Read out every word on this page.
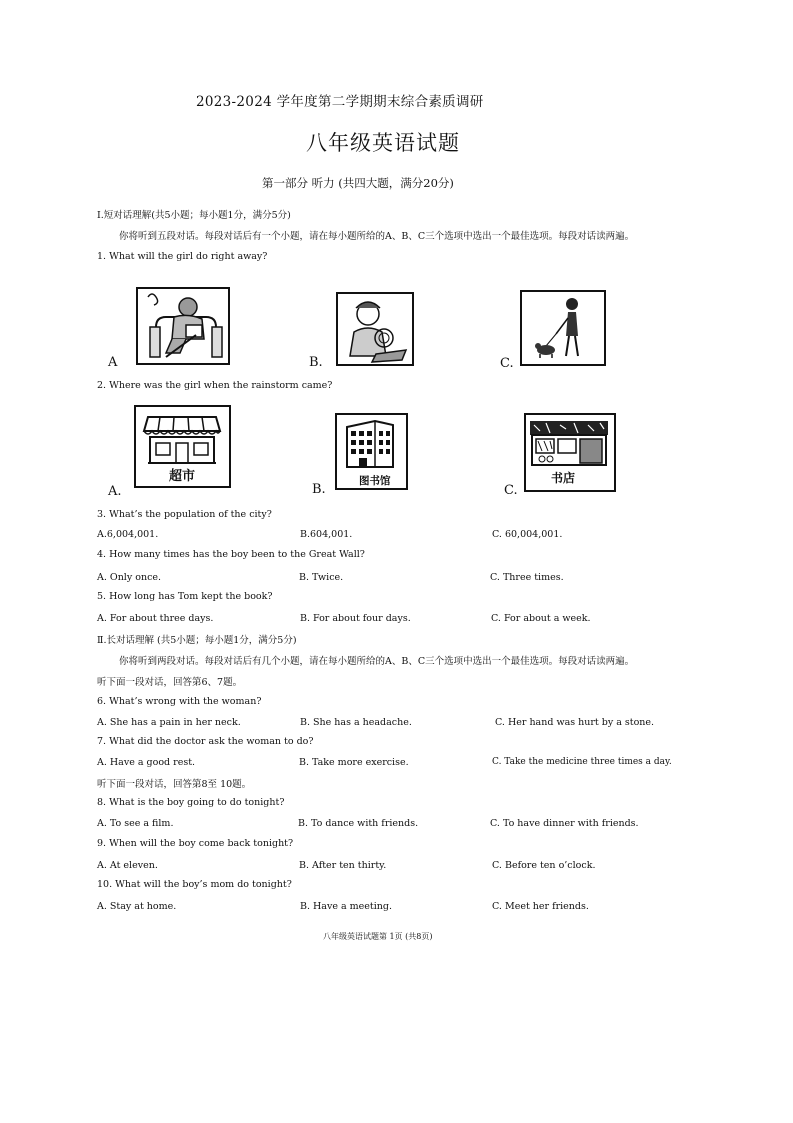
2023-2024 学年度第二学期期末综合素质调研
八年级英语试题
第一部分 听力 (共四大题，满分20分)
Ⅰ.短对话理解(共5小题；每小题1分，满分5分)
你将听到五段对话。每段对话后有一个小题，请在每小题所给的A、B、C三个选项中选出一个最佳选项。每段对话读两遍。
1. What will the girl do right away?
A	B.	C.
2. Where was the girl when the rainstorm came?
超市
A.
图书馆
B.
书店
C.
3. What’s the population of the city?
A.6,004,001.	B.604,001.	C. 60,004,001.
4. How many times has the boy been to the Great Wall?
A. Only once.	B. Twice.	C. Three times.
5. How long has Tom kept the book?
A. For about three days.	B. For about four days.	C. For about a week.
Ⅱ.长对话理解 (共5小题；每小题1分，满分5分)
你将听到两段对话。每段对话后有几个小题，请在每小题所给的A、B、C三个选项中选出一个最佳选项。每段对话读两遍。
听下面一段对话，回答第6、7题。
6. What’s wrong with the woman?
A. She has a pain in her neck.	B. She has a headache.	C. Her hand was hurt by a stone.
7. What did the doctor ask the woman to do?
A. Have a good rest.	B. Take more exercise.	C. Take the medicine three times a day.
听下面一段对话，回答第8至 10题。
8. What is the boy going to do tonight?
A. To see a film.	B. To dance with friends.	C. To have dinner with friends.
9. When will the boy come back tonight?
A. At eleven.	B. After ten thirty.	C. Before ten o’clock.
10. What will the boy’s mom do tonight?
A. Stay at home.	B. Have a meeting.	C. Meet her friends.
八年级英语试题第 1页 (共8页)
